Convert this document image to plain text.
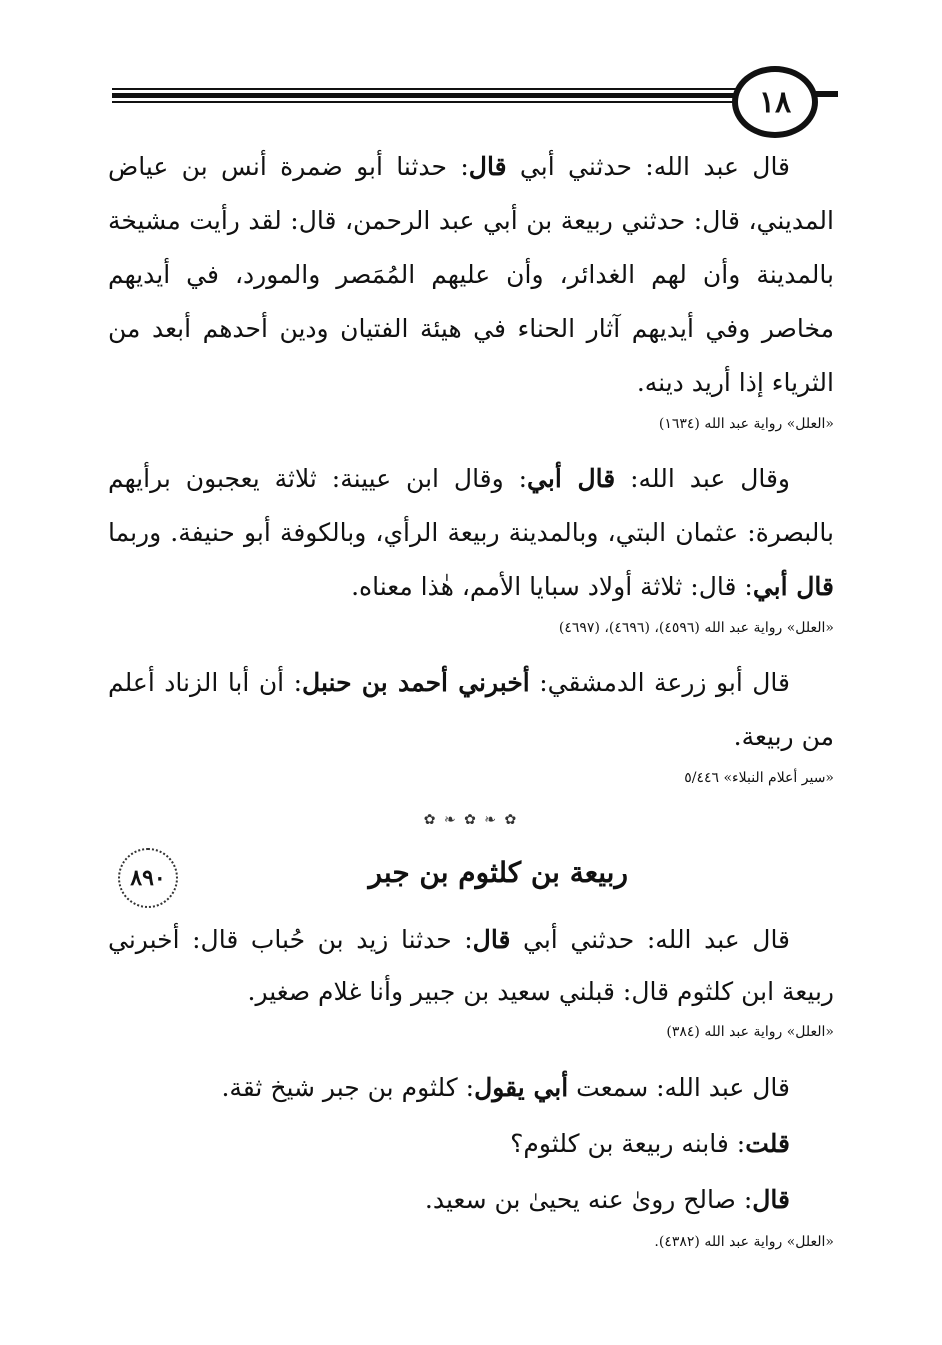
١٨

قال عبد الله: حدثني أبي قال: حدثنا أبو ضمرة أنس بن عياض المديني، قال: حدثني ربيعة بن أبي عبد الرحمن، قال: لقد رأيت مشيخة بالمدينة وأن لهم الغدائر، وأن عليهم المُمَصر والمورد، في أيديهم مخاصر وفي أيديهم آثار الحناء في هيئة الفتيان ودين أحدهم أبعد من الثرياء إذا أريد دينه.

«العلل» رواية عبد الله (١٦٣٤)

وقال عبد الله: قال أبي: وقال ابن عيينة: ثلاثة يعجبون برأيهم بالبصرة: عثمان البتي، وبالمدينة ربيعة الرأي، وبالكوفة أبو حنيفة. وربما قال أبي: قال: ثلاثة أولاد سبايا الأمم، هٰذا معناه.

«العلل» رواية عبد الله (٤٥٩٦)، (٤٦٩٦)، (٤٦٩٧)

قال أبو زرعة الدمشقي: أخبرني أحمد بن حنبل: أن أبا الزناد أعلم من ربيعة.

«سير أعلام النبلاء» ٥/٤٤٦
✿ ❧ ✿ ❧ ✿
٨٩٠	ربيعة بن كلثوم بن جبر

قال عبد الله: حدثني أبي قال: حدثنا زيد بن حُباب قال: أخبرني ربيعة ابن كلثوم قال: قبلني سعيد بن جبير وأنا غلام صغير.

«العلل» رواية عبد الله (٣٨٤)

قال عبد الله: سمعت أبي يقول: كلثوم بن جبر شيخ ثقة.

قلت: فابنه ربيعة بن كلثوم؟

قال: صالح روىٰ عنه يحيىٰ بن سعيد.

«العلل» رواية عبد الله (٤٣٨٢).
